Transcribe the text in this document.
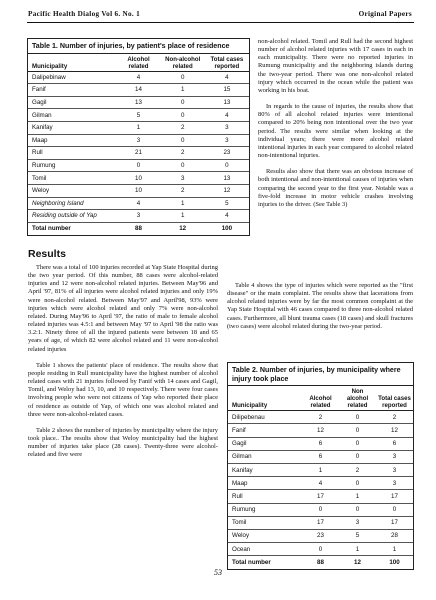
Pacific Health Dialog Vol 6. No. 1	Original Papers
Table 1. Number of injuries, by patient's place of residence
Municipality	Alcohol related	Non-alcohol related	Total cases reported
Dalipebinaw	4	0	4
Fanif	14	1	15
Gagil	13	0	13
Gilman	5	0	4
Kanifay	1	2	3
Maap	3	0	3
Rull	21	2	23
Rumung	0	0	0
Tomil	10	3	13
Weloy	10	2	12
Neighboring Island	4	1	5
Residing outside of Yap	3	1	4
Total number	88	12	100
Table 2. Number of injuries, by municipality where injury took place
Municipality	Alcohol related	Non alcohol related	Total cases reported
Dilipebenau	2	0	2
Fanif	12	0	12
Gagil	6	0	6
Gilman	6	0	3
Kanifay	1	2	3
Maap	4	0	3
Rull	17	1	17
Rumung	0	0	0
Tomil	17	3	17
Weloy	23	5	28
Ocean	0	1	1
Total number	88	12	100
Results

There was a total of 100 injuries recorded at Yap State Hospital during the two year period. Of this number, 88 cases were alcohol-related injuries and 12 were non-alcohol related injuries. Between May'96 and April '97, 81% of all injuries were alcohol related injuries and only 19% were non-alcohol related. Between May'97 and April'98, 93% were injuries which were alcohol related and only 7% were non-alcohol related. During May'96 to April '97, the ratio of male to female alcohol related injuries was 4.5:1 and between May '97 to April '98 the ratio was 3.2:1. Ninety three of all the injured patients were between 18 and 65 years of age, of which 82 were alcohol related and 11 were non-alcohol related injuries

Table 1 shows the patients' place of residence. The results show that people residing in Rull municipality have the highest number of alcohol related cases with 21 injuries followed by Fanif with 14 cases and Gagil, Tomil, and Weloy had 13, 10, and 10 respectively. There were four cases involving people who were not citizens of Yap who reported their place of residence as outside of Yap, of which one was alcohol related and three were non-alcohol-related cases.

Table 2 shows the number of injuries by municipality where the injury took place.. The results show that Weloy municipality had the highest number of injuries take place (28 cases). Twenty-three were alcohol-related and five were

non-alcohol related. Tomil and Rull had the second highest number of alcohol related injuries with 17 cases in each in each municipality. There were no reported injuries in Rumung municipality and the neighboring islands during the two-year period. There was one non-alcohol related injury which occurred in the ocean while the patient was working in his boat.

In regards to the cause of injuries, the results show that 80% of all alcohol related injuries were intentional compared to 20% being non intentional over the two year period. The results were similar when looking at the individual years; there were more alcohol related intentional injuries in each year compared to alcohol related non-intentional injuries.

Results also show that there was an obvious increase of both intentional and non-intentional causes of injuries when comparing the second year to the first year. Notable was a five-fold increase in motor vehicle crashes involving injuries to the driver. (See Table 3)

Table 4 shows the type of injuries which were reported as the "first disease" or the main complaint. The results show that lacerations from alcohol related injuries were by far the most common complaint at the Yap State Hospital with 46 cases compared to three non-alcohol related cases. Furthermore, all blunt trauma cases (18 cases) and skull fractures (two cases) were alcohol related during the two-year period.

53
